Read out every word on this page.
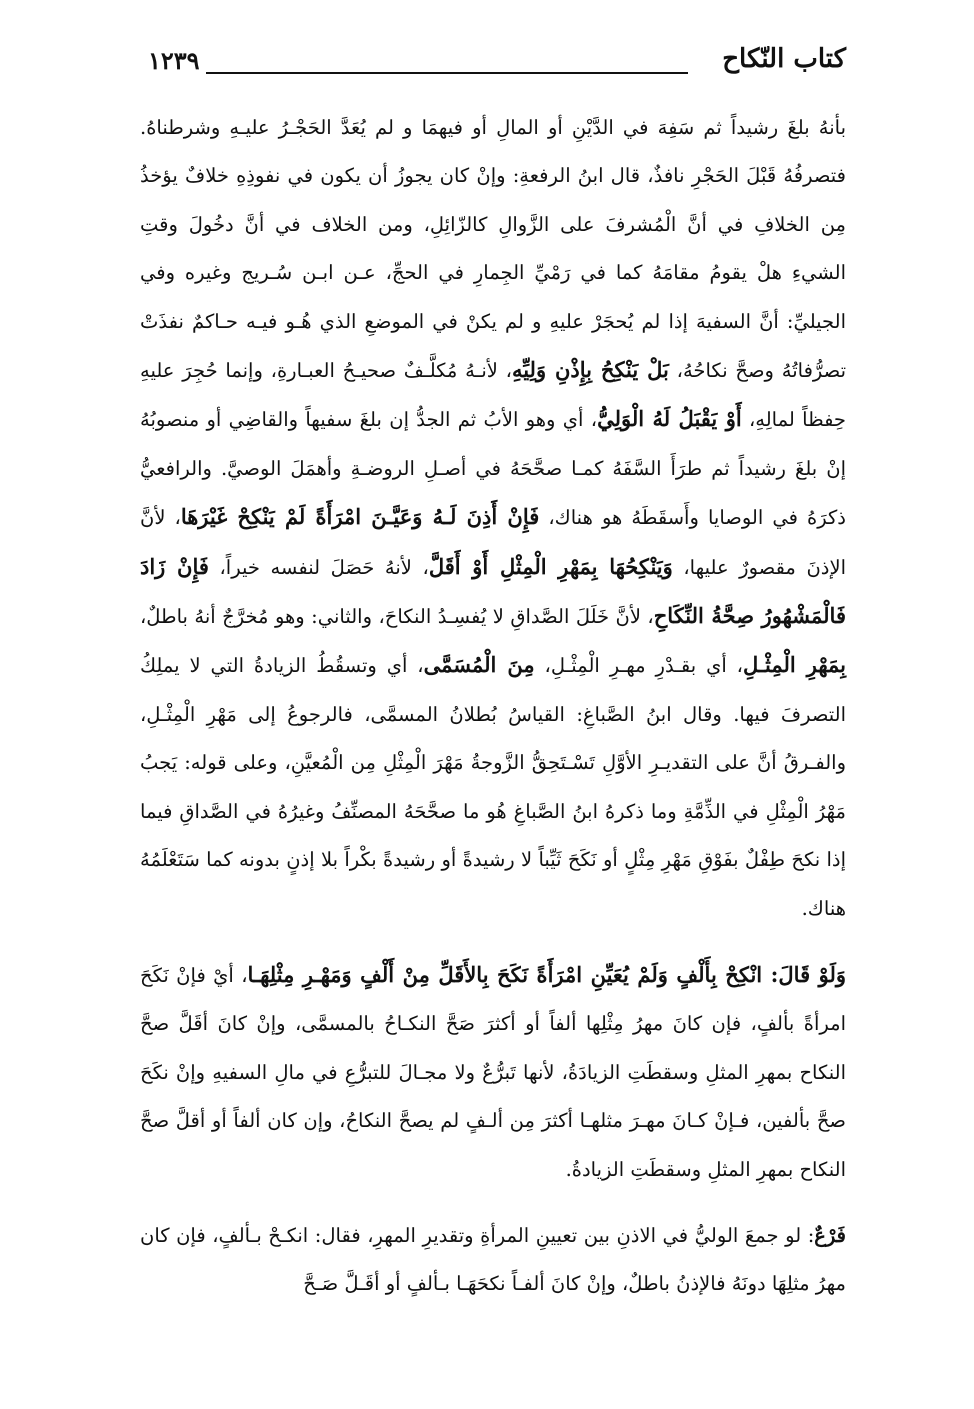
كتاب النّكاح
١٢٣٩

بأنهُ بلغَ رشيداً ثم سَفِهَ في الدَّيْنِ أو المالِ أو فيهمَا و لم يُعَدَّ الحَجْـرُ عليـهِ وشرطناهُ. فتصرفُهُ قَبْلَ الحَجْرِ نافذٌ، قال ابنُ الرفعةِ: وإنْ كان يجوزُ أن يكون في نفوذِهِ خلافٌ يؤخذُ مِن الخلافِ في أنَّ الْمُشرفَ على الزَّوالِ كالزّائِلِ، ومن الخلاف في أنَّ دخُولَ وقتِ الشيءِ هلْ يقومُ مقامَهُ كما في رَمْيِّ الجِمارِ في الحجِّ، عـن ابـن سُـريج وغيره وفي الجيليِّ: أنَّ السفيهَ إذا لم يُحجَرْ عليهِ و لم يكنْ في الموضعِ الذي هُـو فيـه حـاكمٌ نفذَتْ تصرُّفاتُهُ وصحَّ نكاحُهُ، بَلْ يَنْكِحُ بِإِذْنِ وَلِيِّهِ، لأنـهُ مُكلَّـفٌ صحيـحُ العبـارةِ، وإنما حُجِرَ عليهِ حِفظاً لمالِهِ، أَوْ يَقْبَلُ لَهُ الْوَلِيُّ، أي وهو الأبُ ثم الجدُّ إن بلغَ سفيهاً والقاضِي أو منصوبُهُ إنْ بلغَ رشيداً ثم طرَأَ السَّفَهُ كمـا صحَّحَهُ في أصـلِ الروضـةِ وأهمَلَ الوصيَّ. والرافعيُّ ذكرَهُ في الوصايا وأَسقَطَهُ هو هناك، فَإِنْ أَذِنَ لَـهُ وَعَيَّـنَ امْرَأَةً لَمْ يَنْكِحْ غَيْرَهَا، لأنَّ الإذنَ مقصورٌ عليها، وَيَنْكِحُهَا بِمَهْرِ الْمِثْلِ أَوْ أَقَلَّ، لأنهُ حَصَلَ لنفسه خيراً، فَإِنْ زَادَ فَالْمَشْهُورُ صِحَّةُ النِّكَاحِ، لأنَّ خَلَلَ الصَّداقِ لا يُفسِـدُ النكاحَ، والثاني: وهو مُخرَّجٌ أنهُ باطلٌ، بِمَهْرِ الْمِثْـلِ، أي بقـدْرِ مهـرِ الْمِثْـلِ، مِنَ الْمُسَمَّى، أي وتسقُطُ الزيادةُ التي لا يملِكُ التصرفَ فيها. وقال ابنُ الصَّباغِ: القياسُ بُطلانُ المسمَّى، فالرجوعُ إلى مَهْرِ الْمِثْـلِ، والفـرقُ أنَّ على التقديـرِ الأوَّلِ تَسْـتَحِقُّ الزَّوجةُ مَهْرَ الْمِثْلِ مِن الْمُعيَّنِ، وعلى قوله: يَجبُ مَهْرُ الْمِثْلِ في الذِّمَّةِ وما ذكرهُ ابنُ الصَّباغِ هُو ما صحَّحَهُ المصنِّفُ وغيرُهُ في الصَّداقِ فيما إذا نكحَ طِفْلٌ بفَوْقِ مَهْرِ مِثْلٍ أو نَكَحَ ثَيِّباً لا رشيدةً أو رشيدةً بكْراً بلا إذنٍ بدونه كما سَتَعْلَمُهُ هناك.

وَلَوْ قَالَ: انْكِحْ بِأَلْفٍ وَلَمْ يُعَيِّنِ امْرَأَةً نَكَحَ بِالأَقَلِّ مِنْ أَلْفٍ وَمَهْـرِ مِثْلِهَـا، أيْ فإنْ نَكَحَ امرأةً بألفٍ، فإن كانَ مهرُ مِثْلِها ألفاً أو أكثرَ صَحَّ النكـاحُ بالمسمَّى، وإنْ كانَ أقَلَّ صحَّ النكاح بمهرِ المثلِ وسقطَتِ الزيادَةُ، لأنها تَبرُّعٌ ولا مجـالَ للتبرُّعِ في مالِ السفيهِ وإنْ نكَحَ صحَّ بألفين، فـإنْ كـانَ مهـرَ مثلهـا أكثرَ مِن ألـفٍ لم يصحَّ النكاحُ، وإن كان ألفاً أو أقلَّ صحَّ النكاح بمهرِ المثلِ وسقطَتِ الزيادةُ.

فَرْعٌ: لو جمعَ الوليُّ في الاذنِ بين تعيينِ المرأةِ وتقديرِ المهرِ، فقال: انكـحْ بـألفٍ، فإن كان مهرُ مثلِهَا دونَهُ فالإذنُ باطلٌ، وإنْ كانَ ألفـاً نكحَهَـا بـألفٍ أو أقَـلَّ صَـحَّ
